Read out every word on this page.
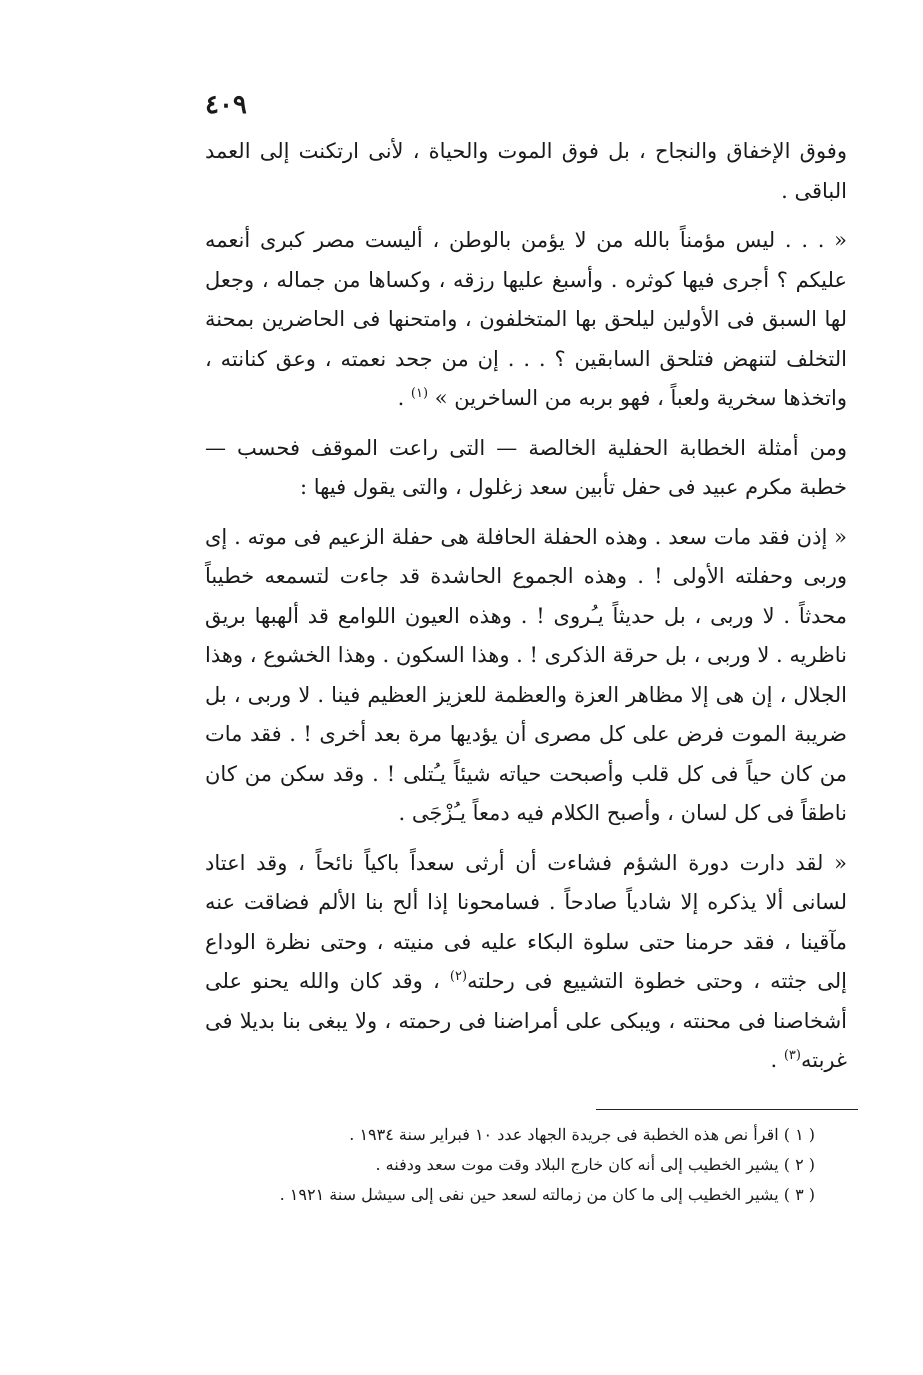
٤٠٩

وفوق الإخفاق والنجاح ، بل فوق الموت والحياة ، لأنى ارتكنت إلى العمد الباقى .

« . . . ليس مؤمناً بالله من لا يؤمن بالوطن ، أليست مصر كبرى أنعمه عليكم ؟ أجرى فيها كوثره . وأسبغ عليها رزقه ، وكساها من جماله ، وجعل لها السبق فى الأولين ليلحق بها المتخلفون ، وامتحنها فى الحاضرين بمحنة التخلف لتنهض فتلحق السابقين ؟ . . . إن من جحد نعمته ، وعق كنانته ، واتخذها سخرية ولعباً ، فهو بربه من الساخرين » $^{(١)}$ .

ومن أمثلة الخطابة الحفلية الخالصة — التى راعت الموقف فحسب — خطبة مكرم عبيد فى حفل تأبين سعد زغلول ، والتى يقول فيها :

« إذن فقد مات سعد . وهذه الحفلة الحافلة هى حفلة الزعيم فى موته . إى وربى وحفلته الأولى ! . وهذه الجموع الحاشدة قد جاءت لتسمعه خطيباً محدثاً . لا وربى ، بل حديثاً يـُروى ! . وهذه العيون اللوامع قد ألهبها بريق ناظريه . لا وربى ، بل حرقة الذكرى ! . وهذا السكون . وهذا الخشوع ، وهذا الجلال ، إن هى إلا مظاهر العزة والعظمة للعزيز العظيم فينا . لا وربى ، بل ضريبة الموت فرض على كل مصرى أن يؤديها مرة بعد أخرى ! . فقد مات من كان حياً فى كل قلب وأصبحت حياته شيئاً يـُتلى ! . وقد سكن من كان ناطقاً فى كل لسان ، وأصبح الكلام فيه دمعاً يـُزْجَى .

« لقد دارت دورة الشؤم فشاءت أن أرثى سعداً باكياً نائحاً ، وقد اعتاد لسانى ألا يذكره إلا شادياً صادحاً . فسامحونا إذا ألح بنا الألم فضاقت عنه مآقينا ، فقد حرمنا حتى سلوة البكاء عليه فى منيته ، وحتى نظرة الوداع إلى جثته ، وحتى خطوة التشييع فى رحلته$^{(٢)}$ ، وقد كان والله يحنو على أشخاصنا فى محنته ، ويبكى على أمراضنا فى رحمته ، ولا يبغى بنا بديلا فى غربته$^{(٣)}$ .

( ١ ) اقرأ نص هذه الخطبة فى جريدة الجهاد عدد ١٠ فبراير سنة ١٩٣٤ .

( ٢ ) يشير الخطيب إلى أنه كان خارج البلاد وقت موت سعد ودفنه .

( ٣ ) يشير الخطيب إلى ما كان من زمالته لسعد حين نفى إلى سيشل سنة ١٩٢١ .
